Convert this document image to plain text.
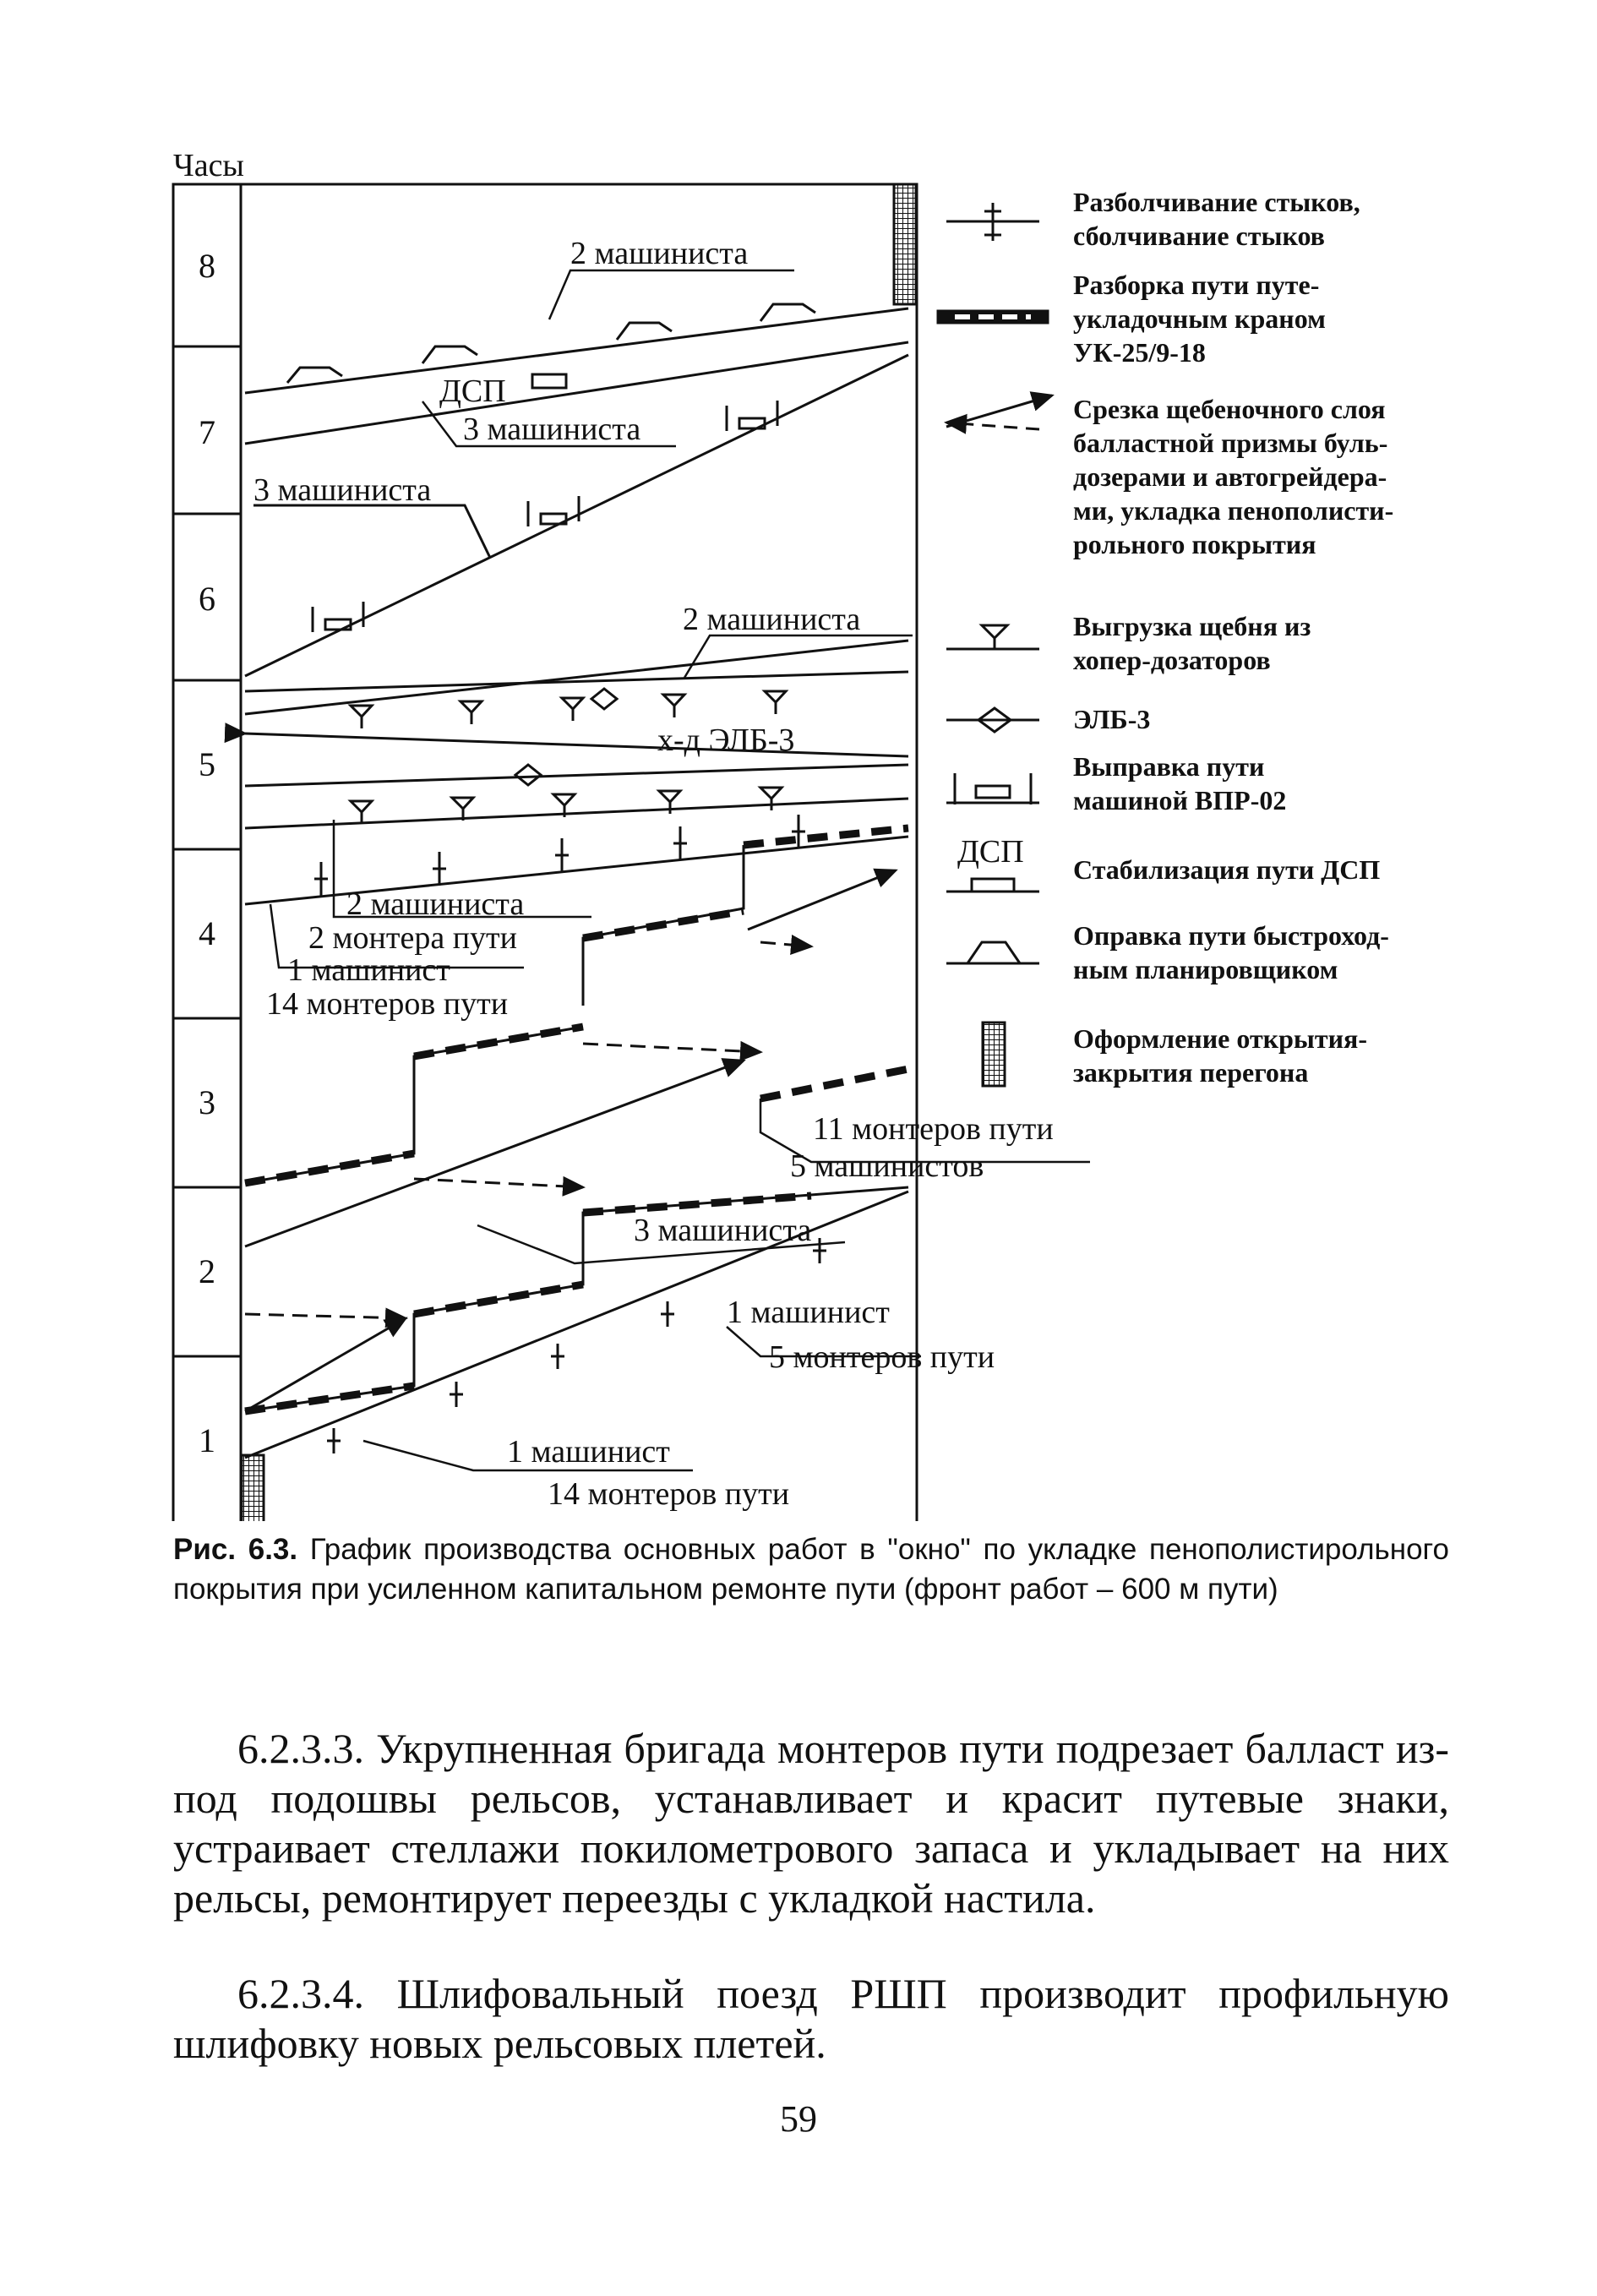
Часы
8
7
6
5
4
3
2
1
2 машиниста
ДСП
3 машиниста
3 машиниста
2 машиниста
х-д ЭЛБ-3
2 машиниста
2 монтера пути
1 машинист
14 монтеров пути
11 монтеров пути
5 машинистов
3 машиниста
1 машинист
5 монтеров пути
1 машинист
14 монтеров пути
Разболчивание стыков, сболчивание стыков
Разборка пути путе- укладочным краном УК-25/9-18
Срезка щебеночного слоя балластной призмы буль- дозерами и автогрейдера- ми, укладка пенополисти- рольного покрытия
Выгрузка щебня из хопер-дозаторов
ЭЛБ-3
Выправка пути машиной ВПР-02
ДСП Стабилизация пути ДСП
Оправка пути быстроход- ным планировщиком
Оформление открытия- закрытия перегона
Рис. 6.3. График производства основных работ в "окно" по укладке пенополистирольного покрытия при усиленном капитальном ремонте пути (фронт работ – 600 м пути)

6.2.3.3. Укрупненная бригада монтеров пути подрезает балласт из-под подошвы рельсов, устанавливает и красит путевые знаки, устраивает стеллажи покилометрового запаса и укладывает на них рельсы, ремонтирует переезды с укладкой настила.

6.2.3.4. Шлифовальный поезд РШП производит профильную шлифовку новых рельсовых плетей.

59
